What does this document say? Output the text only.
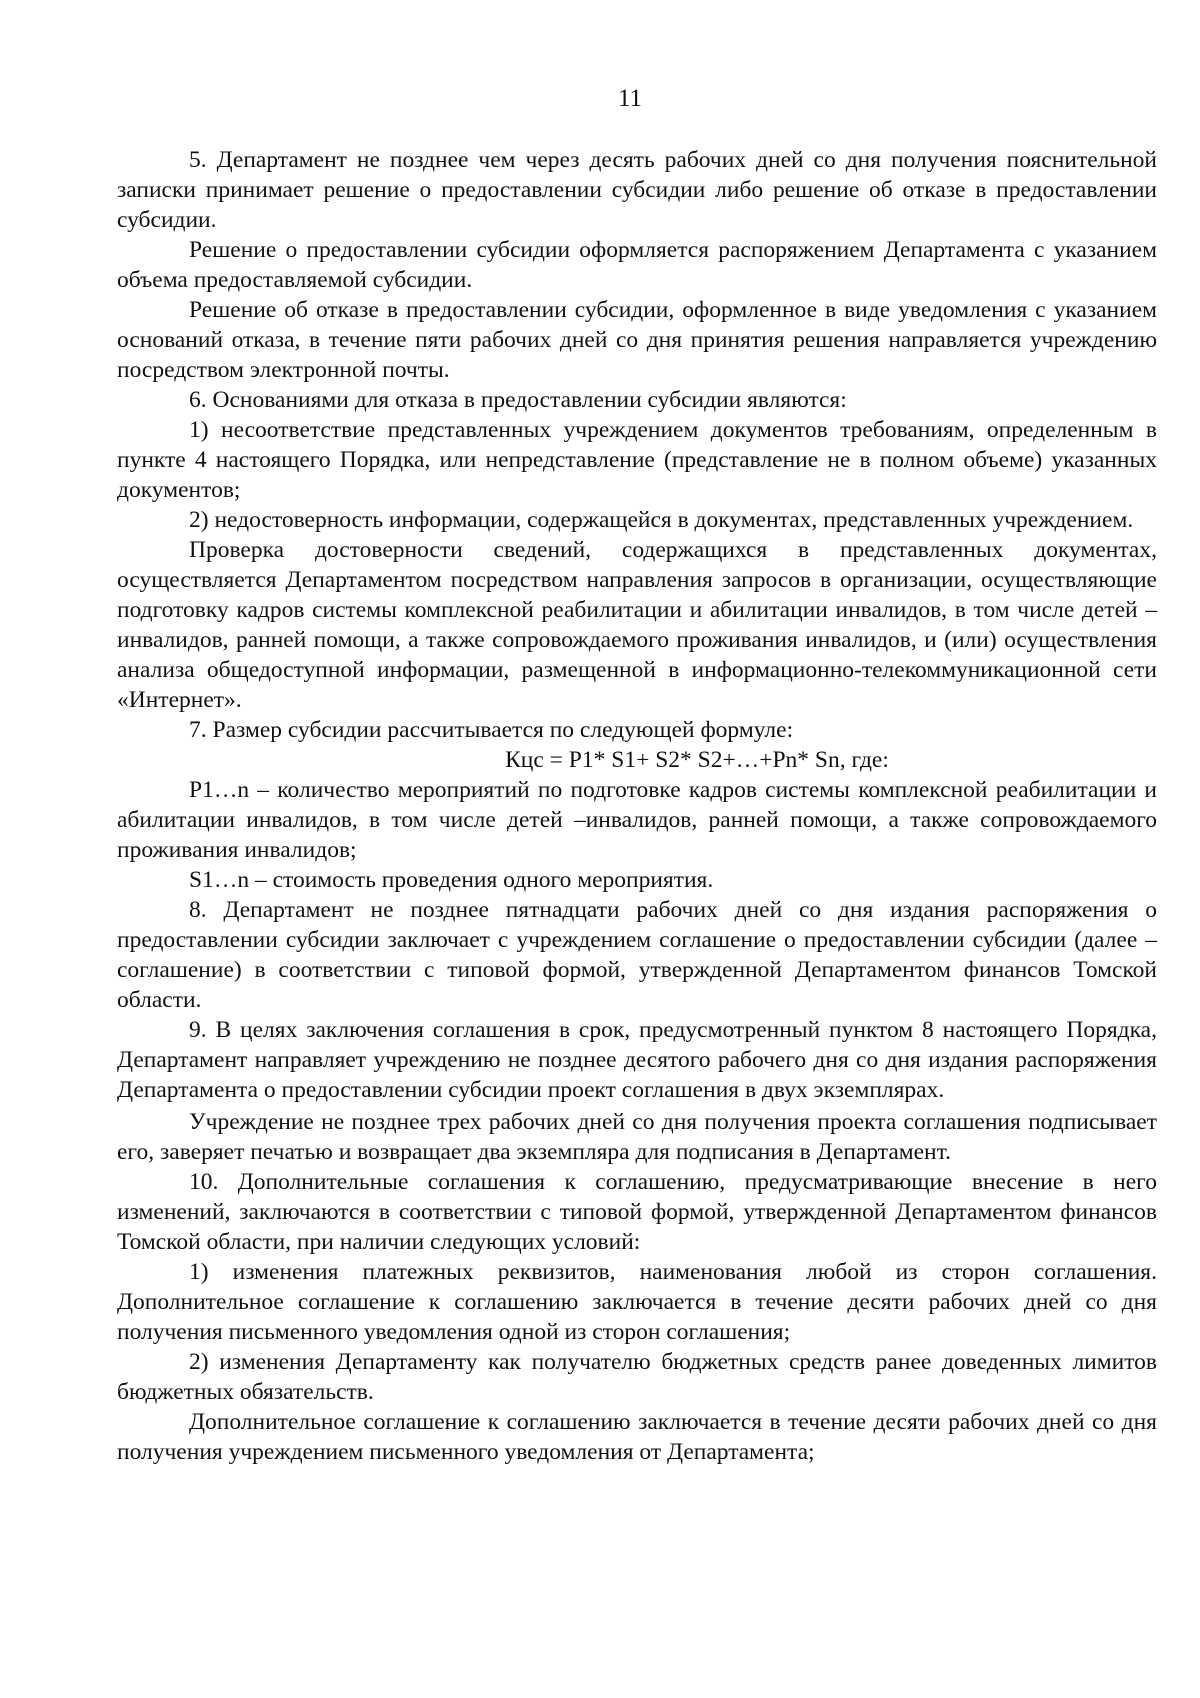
11

5. Департамент не позднее чем через десять рабочих дней со дня получения пояснительной записки принимает решение о предоставлении субсидии либо решение об отказе в предоставлении субсидии.

Решение о предоставлении субсидии оформляется распоряжением Департамента с указанием объема предоставляемой субсидии.

Решение об отказе в предоставлении субсидии, оформленное в виде уведомления с указанием оснований отказа, в течение пяти рабочих дней со дня принятия решения направляется учреждению посредством электронной почты.

6. Основаниями для отказа в предоставлении субсидии являются:

1) несоответствие представленных учреждением документов требованиям, определенным в пункте 4 настоящего Порядка, или непредставление (представление не в полном объеме) указанных документов;

2) недостоверность информации, содержащейся в документах, представленных учреждением.

Проверка достоверности сведений, содержащихся в представленных документах, осуществляется Департаментом посредством направления запросов в организации, осуществляющие подготовку кадров системы комплексной реабилитации и абилитации инвалидов, в том числе детей – инвалидов, ранней помощи, а также сопровождаемого проживания инвалидов, и (или) осуществления анализа общедоступной информации, размещенной в информационно-телекоммуникационной сети «Интернет».

7. Размер субсидии рассчитывается по следующей формуле:

Кцс = P1* S1+ S2* S2+…+Pn* Sn, где:

P1…n – количество мероприятий по подготовке кадров системы комплексной реабилитации и абилитации инвалидов, в том числе детей –инвалидов, ранней помощи, а также сопровождаемого проживания инвалидов;

S1…n – стоимость проведения одного мероприятия.

8. Департамент не позднее пятнадцати рабочих дней со дня издания распоряжения о предоставлении субсидии заключает с учреждением соглашение о предоставлении субсидии (далее – соглашение) в соответствии с типовой формой, утвержденной Департаментом финансов Томской области.

9. В целях заключения соглашения в срок, предусмотренный пунктом 8 настоящего Порядка, Департамент направляет учреждению не позднее десятого рабочего дня со дня издания распоряжения Департамента о предоставлении субсидии проект соглашения в двух экземплярах.

Учреждение не позднее трех рабочих дней со дня получения проекта соглашения подписывает его, заверяет печатью и возвращает два экземпляра для подписания в Департамент.

10. Дополнительные соглашения к соглашению, предусматривающие внесение в него изменений, заключаются в соответствии с типовой формой, утвержденной Департаментом финансов Томской области, при наличии следующих условий:

1) изменения платежных реквизитов, наименования любой из сторон соглашения. Дополнительное соглашение к соглашению заключается в течение десяти рабочих дней со дня получения письменного уведомления одной из сторон соглашения;

2) изменения Департаменту как получателю бюджетных средств ранее доведенных лимитов бюджетных обязательств.

Дополнительное соглашение к соглашению заключается в течение десяти рабочих дней со дня получения учреждением письменного уведомления от Департамента;
